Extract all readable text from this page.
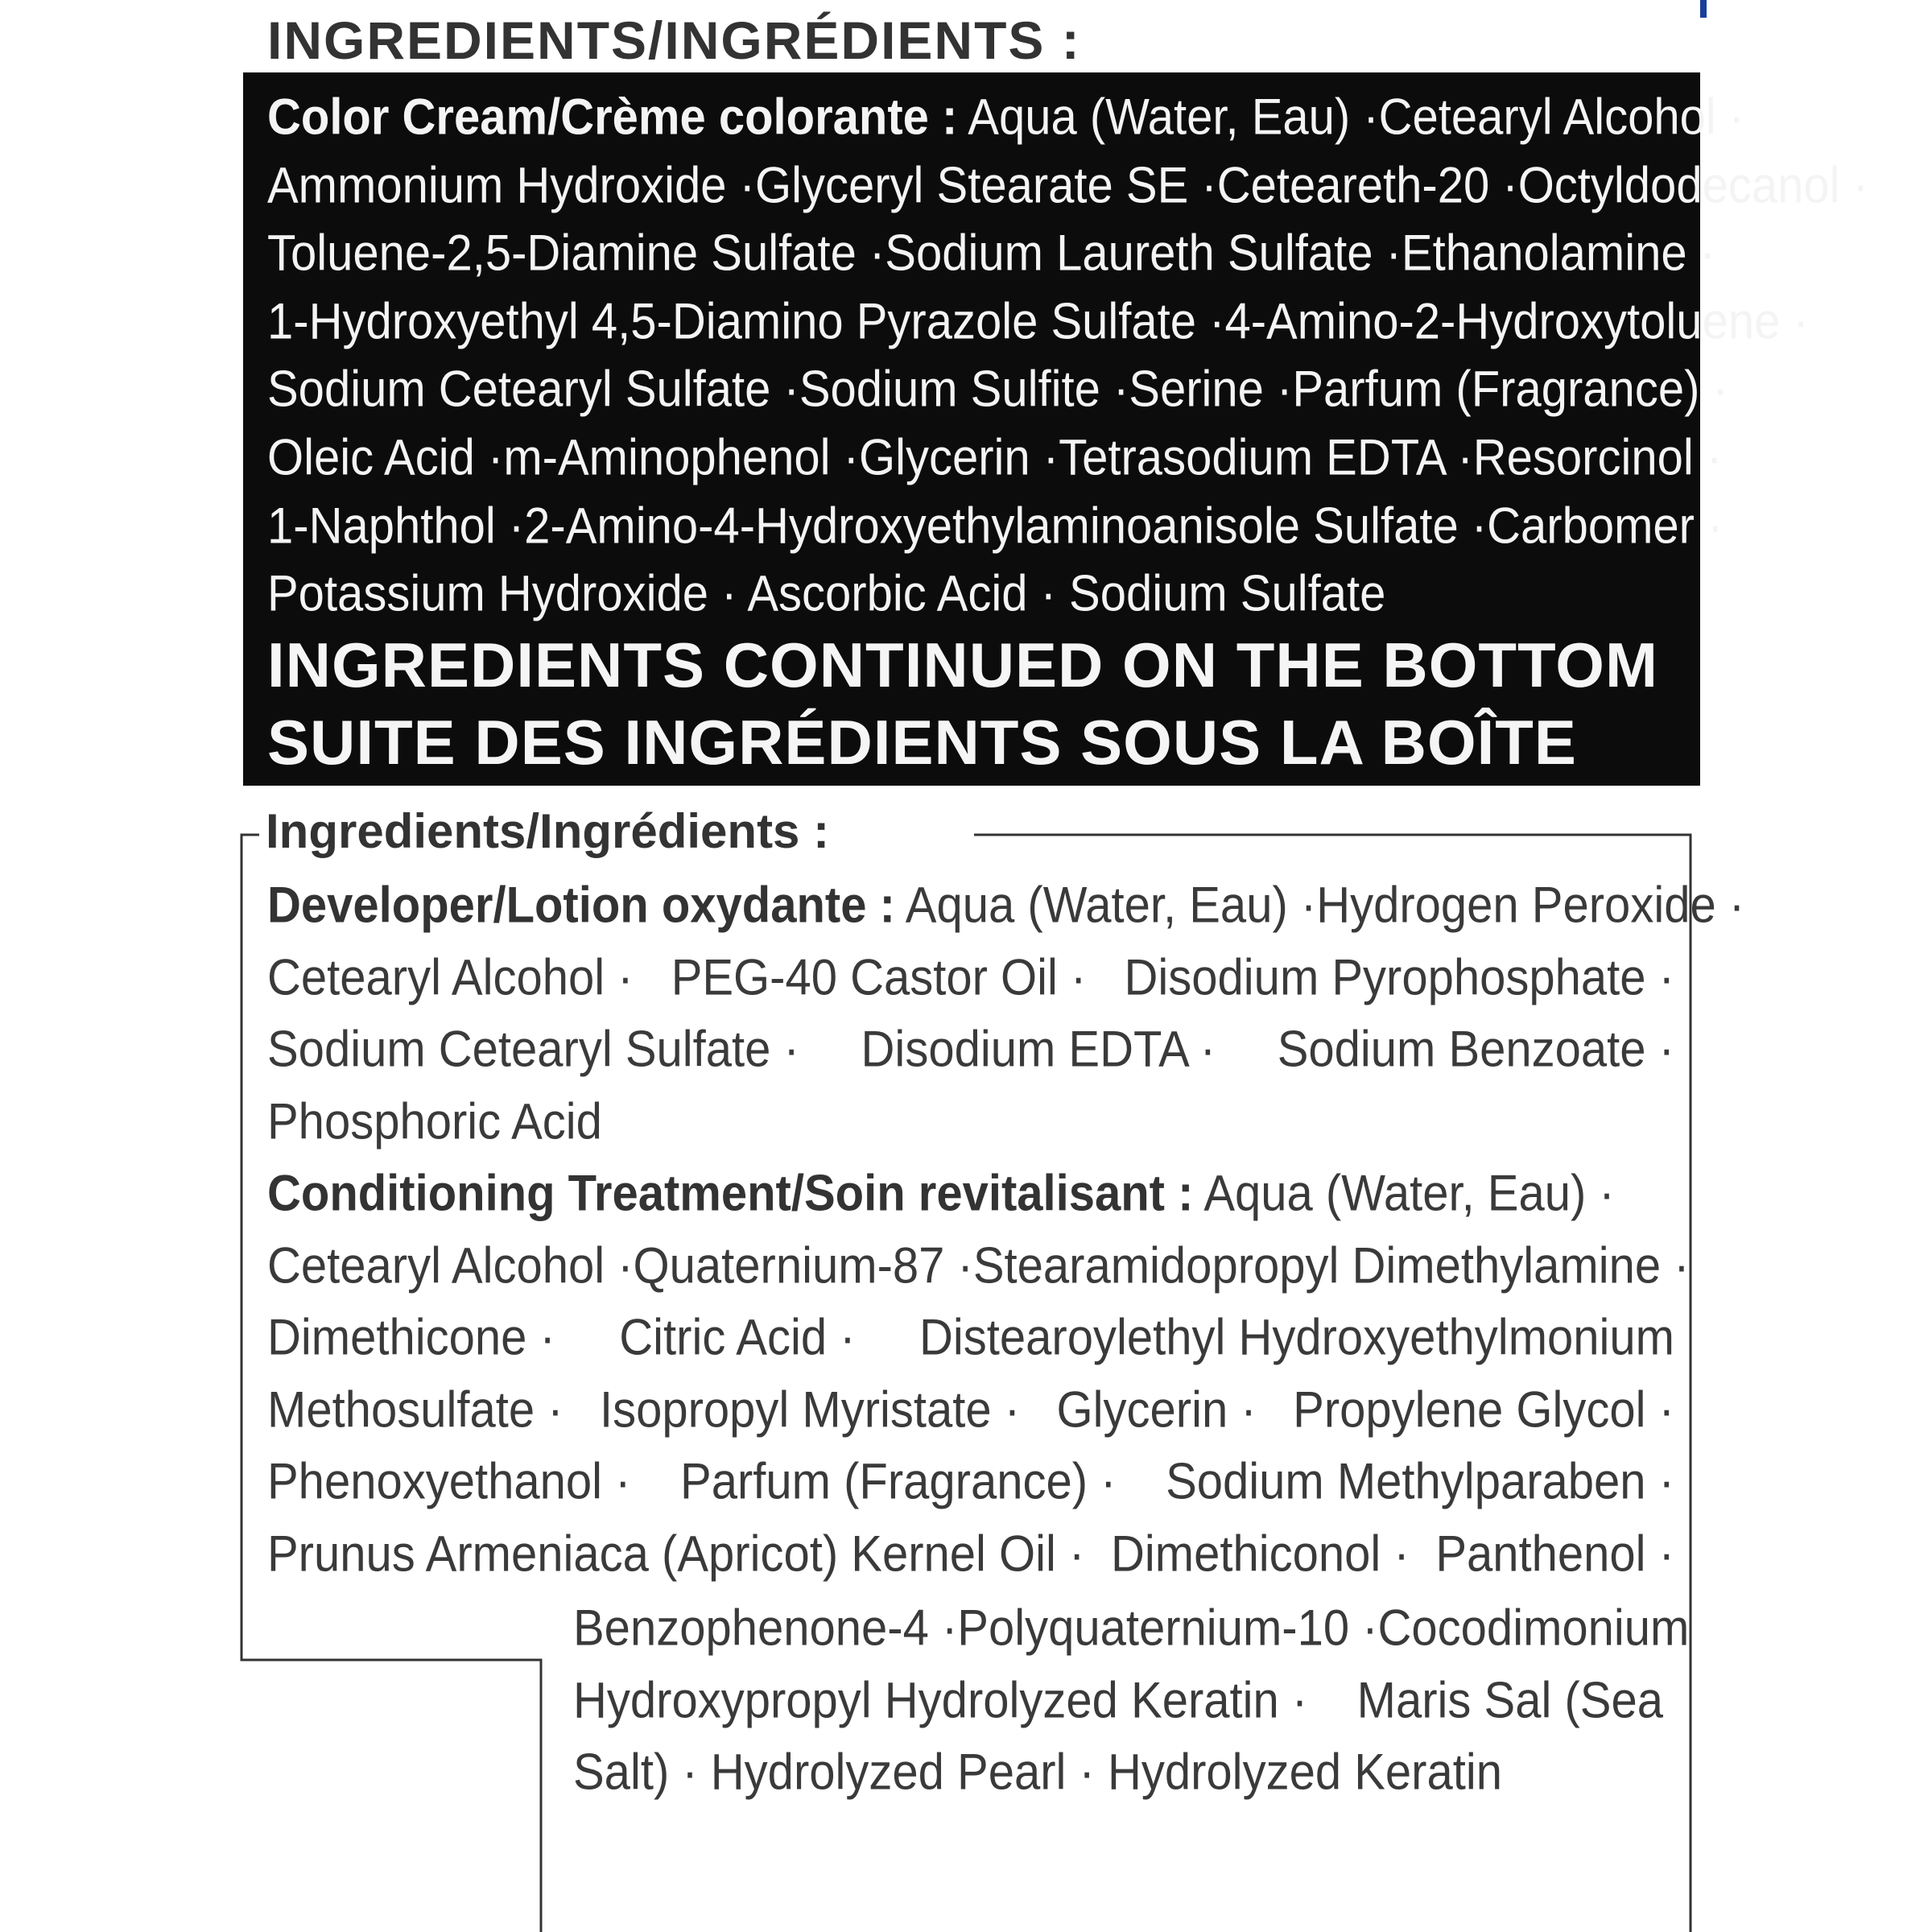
INGREDIENTS/INGRÉDIENTS :
Color Cream/Crème colorante : Aqua (Water, Eau) · Cetearyl Alcohol ·
Ammonium Hydroxide · Glyceryl Stearate SE · Ceteareth-20 · Octyldodecanol ·
Toluene-2,5-Diamine Sulfate · Sodium Laureth Sulfate · Ethanolamine ·
1-Hydroxyethyl 4,5-Diamino Pyrazole Sulfate · 4-Amino-2-Hydroxytoluene ·
Sodium Cetearyl Sulfate · Sodium Sulfite · Serine · Parfum (Fragrance) ·
Oleic Acid · m-Aminophenol · Glycerin · Tetrasodium EDTA · Resorcinol ·
1-Naphthol · 2-Amino-4-Hydroxyethylaminoanisole Sulfate · Carbomer ·
Potassium Hydroxide · Ascorbic Acid · Sodium Sulfate
INGREDIENTS CONTINUED ON THE BOTTOM
SUITE DES INGRÉDIENTS SOUS LA BOÎTE
Ingredients/Ingrédients :
Developer/Lotion oxydante : Aqua (Water, Eau) · Hydrogen Peroxide ·
Cetearyl Alcohol · PEG-40 Castor Oil · Disodium Pyrophosphate ·
Sodium Cetearyl Sulfate · Disodium EDTA · Sodium Benzoate ·
Phosphoric Acid
Conditioning Treatment/Soin revitalisant : Aqua (Water, Eau) ·
Cetearyl Alcohol · Quaternium-87 · Stearamidopropyl Dimethylamine ·
Dimethicone · Citric Acid · Distearoylethyl Hydroxyethylmonium
Methosulfate · Isopropyl Myristate · Glycerin · Propylene Glycol ·
Phenoxyethanol · Parfum (Fragrance) · Sodium Methylparaben ·
Prunus Armeniaca (Apricot) Kernel Oil · Dimethiconol · Panthenol ·
Benzophenone-4 · Polyquaternium-10 · Cocodimonium
Hydroxypropyl Hydrolyzed Keratin · Maris Sal (Sea
Salt) · Hydrolyzed Pearl · Hydrolyzed Keratin
